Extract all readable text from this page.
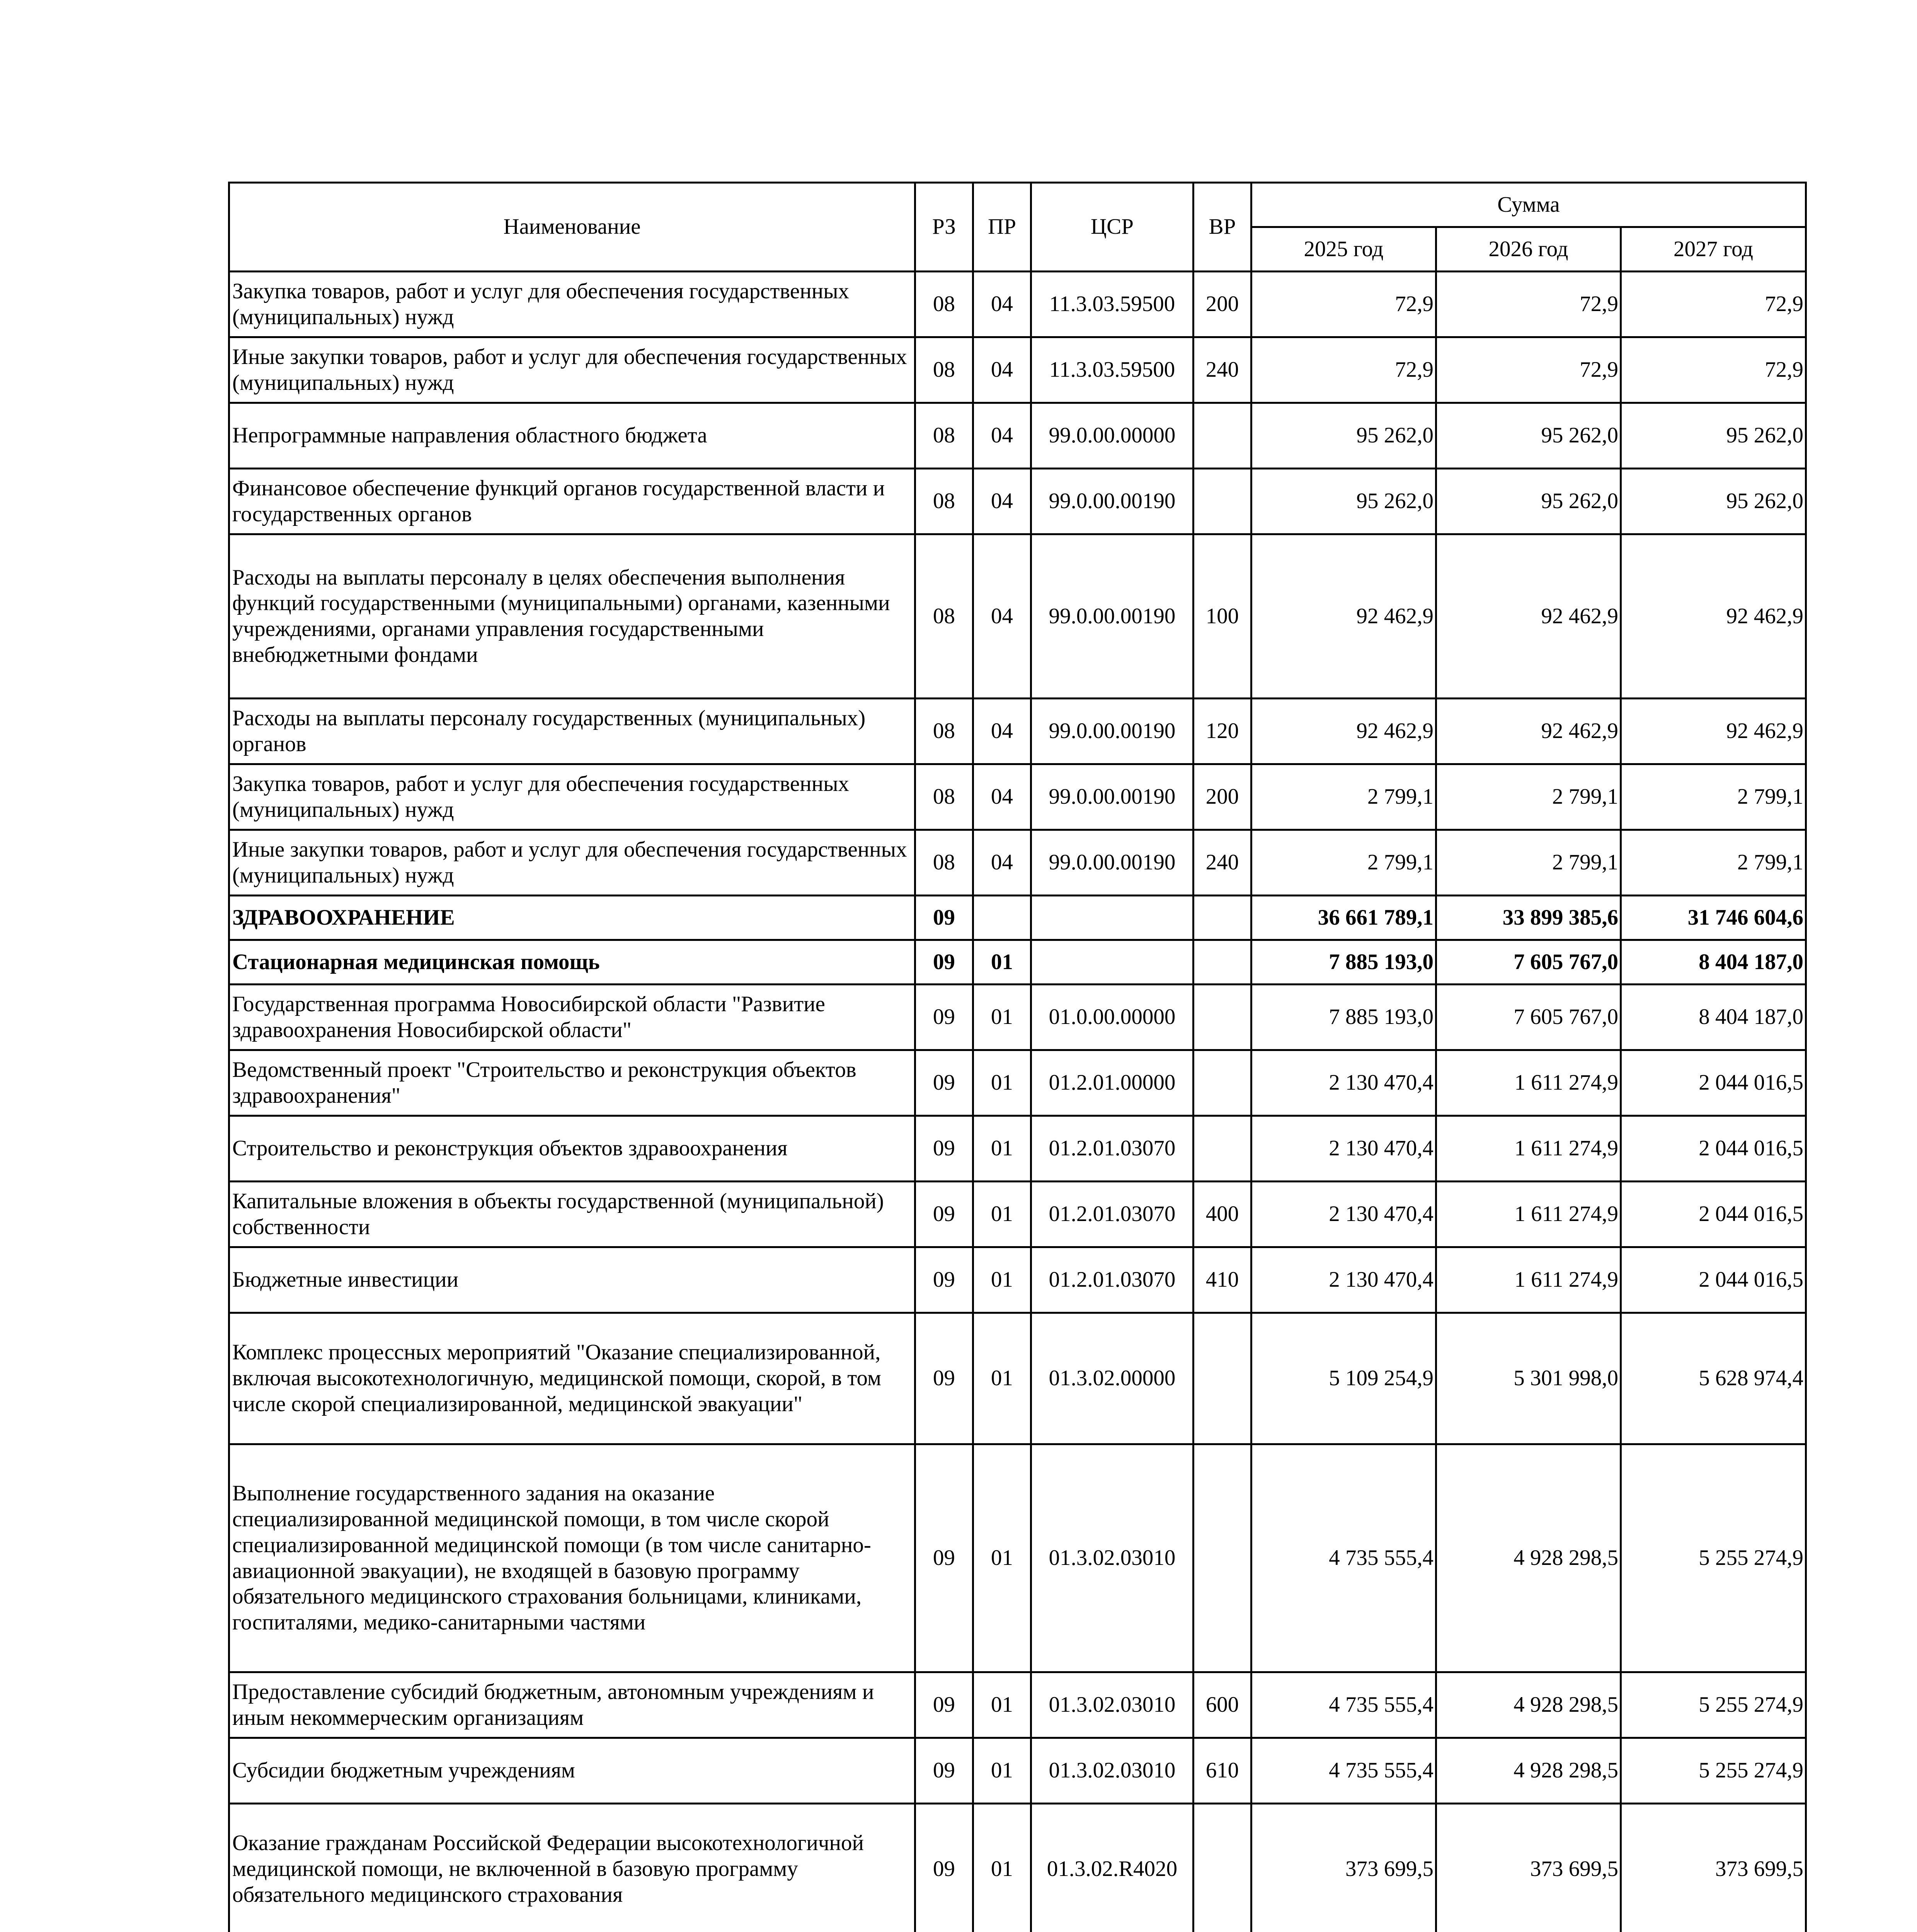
Наименование	РЗ	ПР	ЦСР	ВР	Сумма		
					2025 год	2026 год	2027 год
Закупка товаров, работ и услуг для обеспечения государственных (муниципальных) нужд	08	04	11.3.03.59500	200	72,9	72,9	72,9
Иные закупки товаров, работ и услуг для обеспечения государственных (муниципальных) нужд	08	04	11.3.03.59500	240	72,9	72,9	72,9
Непрограммные направления областного бюджета	08	04	99.0.00.00000		95 262,0	95 262,0	95 262,0
Финансовое обеспечение функций органов государственной власти и государственных органов	08	04	99.0.00.00190		95 262,0	95 262,0	95 262,0
Расходы на выплаты персоналу в целях обеспечения выполнения функций государственными (муниципальными) органами, казенными учреждениями, органами управления государственными внебюджетными фондами	08	04	99.0.00.00190	100	92 462,9	92 462,9	92 462,9
Расходы на выплаты персоналу государственных (муниципальных) органов	08	04	99.0.00.00190	120	92 462,9	92 462,9	92 462,9
Закупка товаров, работ и услуг для обеспечения государственных (муниципальных) нужд	08	04	99.0.00.00190	200	2 799,1	2 799,1	2 799,1
Иные закупки товаров, работ и услуг для обеспечения государственных (муниципальных) нужд	08	04	99.0.00.00190	240	2 799,1	2 799,1	2 799,1
ЗДРАВООХРАНЕНИЕ	09				36 661 789,1	33 899 385,6	31 746 604,6
Стационарная медицинская помощь	09	01			7 885 193,0	7 605 767,0	8 404 187,0
Государственная программа Новосибирской области "Развитие здравоохранения Новосибирской области"	09	01	01.0.00.00000		7 885 193,0	7 605 767,0	8 404 187,0
Ведомственный проект "Строительство и реконструкция объектов здравоохранения"	09	01	01.2.01.00000		2 130 470,4	1 611 274,9	2 044 016,5
Строительство и реконструкция объектов здравоохранения	09	01	01.2.01.03070		2 130 470,4	1 611 274,9	2 044 016,5
Капитальные вложения в объекты государственной (муниципальной) собственности	09	01	01.2.01.03070	400	2 130 470,4	1 611 274,9	2 044 016,5
Бюджетные инвестиции	09	01	01.2.01.03070	410	2 130 470,4	1 611 274,9	2 044 016,5
Комплекс процессных мероприятий "Оказание специализированной, включая высокотехнологичную, медицинской помощи, скорой, в том числе скорой специализированной, медицинской эвакуации"	09	01	01.3.02.00000		5 109 254,9	5 301 998,0	5 628 974,4
Выполнение государственного задания на оказание специализированной медицинской помощи, в том числе скорой специализированной медицинской помощи (в том числе санитарно-авиационной эвакуации), не входящей в базовую программу обязательного медицинского страхования больницами, клиниками, госпиталями, медико-санитарными частями	09	01	01.3.02.03010		4 735 555,4	4 928 298,5	5 255 274,9
Предоставление субсидий бюджетным, автономным учреждениям и иным некоммерческим организациям	09	01	01.3.02.03010	600	4 735 555,4	4 928 298,5	5 255 274,9
Субсидии бюджетным учреждениям	09	01	01.3.02.03010	610	4 735 555,4	4 928 298,5	5 255 274,9
Оказание гражданам Российской Федерации высокотехнологичной медицинской помощи, не включенной в базовую программу обязательного медицинского страхования	09	01	01.3.02.R4020		373 699,5	373 699,5	373 699,5
